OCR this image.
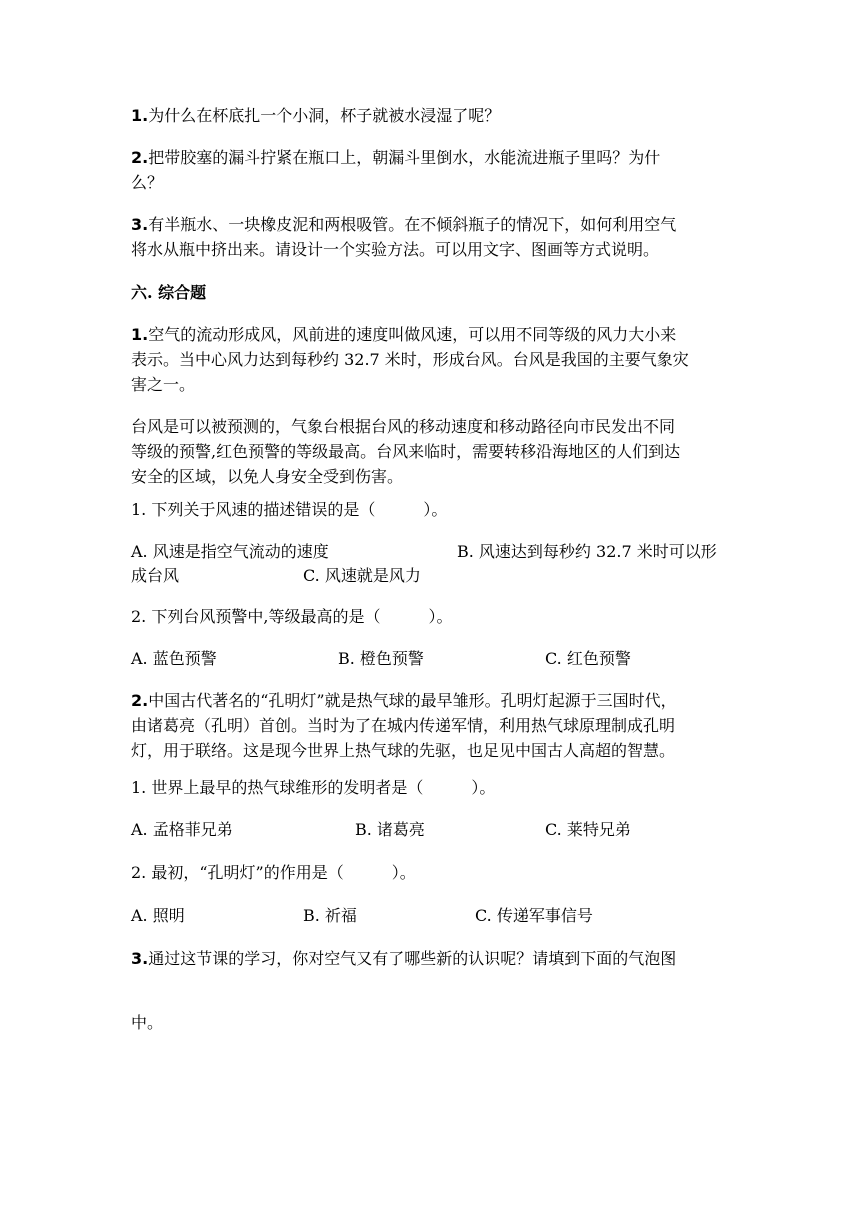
1.为什么在杯底扎一个小洞，杯子就被水浸湿了呢？
2.把带胶塞的漏斗拧紧在瓶口上，朝漏斗里倒水，水能流进瓶子里吗？为什
么？
3.有半瓶水、一块橡皮泥和两根吸管。在不倾斜瓶子的情况下，如何利用空气
将水从瓶中挤出来。请设计一个实验方法。可以用文字、图画等方式说明。
六. 综合题
1.空气的流动形成风，风前进的速度叫做风速，可以用不同等级的风力大小来
表示。当中心风力达到每秒约 32.7 米时，形成台风。台风是我国的主要气象灾
害之一。
台风是可以被预测的，气象台根据台风的移动速度和移动路径向市民发出不同
等级的预警,红色预警的等级最高。台风来临时，需要转移沿海地区的人们到达
安全的区域，以免人身安全受到伤害。
1. 下列关于风速的描述错误的是（　　　）。
A. 风速是指空气流动的速度	B. 风速达到每秒约 32.7 米时可以形
成台风	C. 风速就是风力
2. 下列台风预警中,等级最高的是（　　　）。
A. 蓝色预警	B. 橙色预警	C. 红色预警
2.中国古代著名的“孔明灯”就是热气球的最早雏形。孔明灯起源于三国时代，
由诸葛亮（孔明）首创。当时为了在城内传递军情，利用热气球原理制成孔明
灯，用于联络。这是现今世界上热气球的先驱，也足见中国古人高超的智慧。
1. 世界上最早的热气球维形的发明者是（　　　）。
A. 孟格菲兄弟	B. 诸葛亮	C. 莱特兄弟
2. 最初，“孔明灯”的作用是（　　　）。
A. 照明	B. 祈福	C. 传递军事信号
3.通过这节课的学习，你对空气又有了哪些新的认识呢？请填到下面的气泡图
中。
